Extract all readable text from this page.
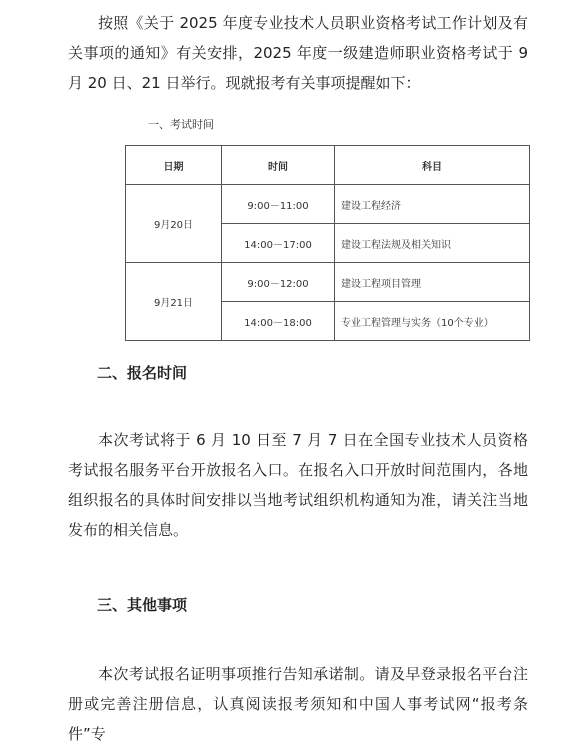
按照《关于 2025 年度专业技术人员职业资格考试工作计划及有关事项的通知》有关安排，2025 年度一级建造师职业资格考试于 9 月 20 日、21 日举行。现就报考有关事项提醒如下：

一、考试时间
日期	时间	科目
9月20日	9:00－11:00	建设工程经济
	14:00－17:00	建设工程法规及相关知识
9月21日	9:00－12:00	建设工程项目管理
	14:00－18:00	专业工程管理与实务（10个专业）
二、报名时间

本次考试将于 6 月 10 日至 7 月 7 日在全国专业技术人员资格考试报名服务平台开放报名入口。在报名入口开放时间范围内，各地组织报名的具体时间安排以当地考试组织机构通知为准，请关注当地发布的相关信息。

三、其他事项

本次考试报名证明事项推行告知承诺制。请及早登录报名平台注册或完善注册信息，认真阅读报考须知和中国人事考试网“报考条件”专
